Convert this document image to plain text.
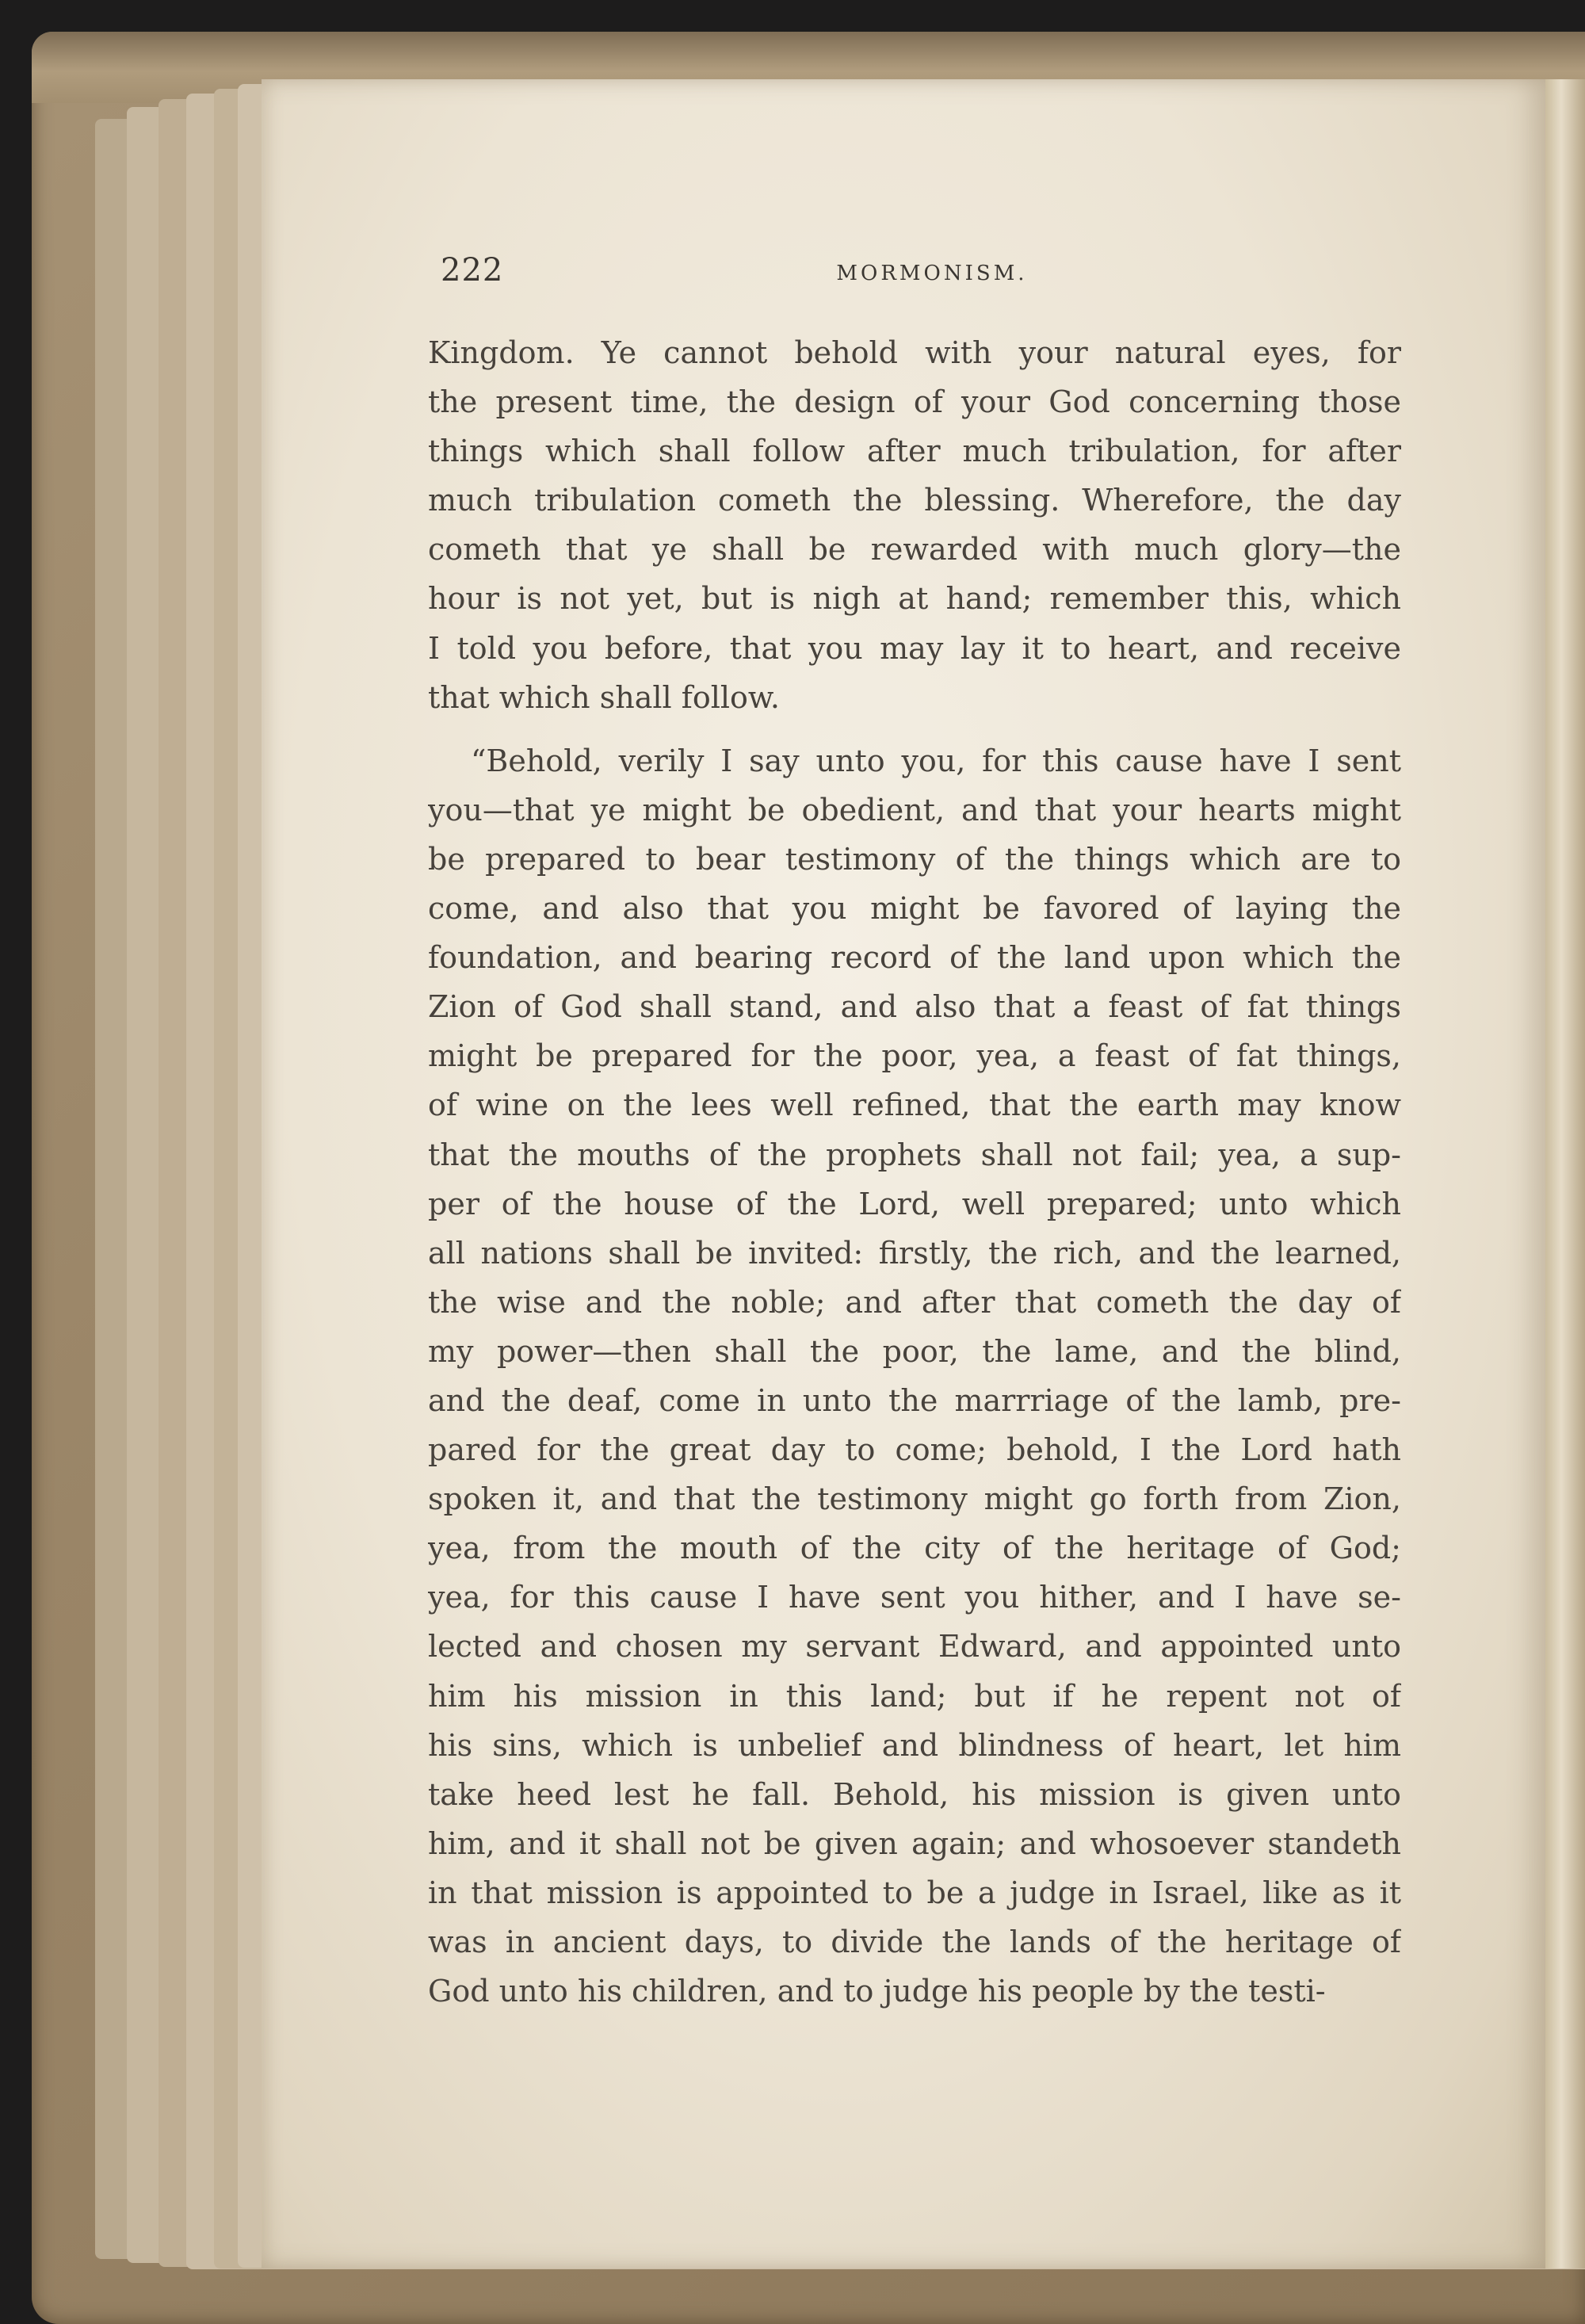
222	MORMONISM.
Kingdom. Ye cannot behold with your natural eyes, for
the present time, the design of your God concerning those
things which shall follow after much tribulation, for after
much tribulation cometh the blessing. Wherefore, the day
cometh that ye shall be rewarded with much glory—the
hour is not yet, but is nigh at hand; remember this, which
I told you before, that you may lay it to heart, and receive
that which shall follow.
“Behold, verily I say unto you, for this cause have I sent
you—that ye might be obedient, and that your hearts might
be prepared to bear testimony of the things which are to
come, and also that you might be favored of laying the
foundation, and bearing record of the land upon which the
Zion of God shall stand, and also that a feast of fat things
might be prepared for the poor, yea, a feast of fat things,
of wine on the lees well refined, that the earth may know
that the mouths of the prophets shall not fail; yea, a sup-
per of the house of the Lord, well prepared; unto which
all nations shall be invited: firstly, the rich, and the learned,
the wise and the noble; and after that cometh the day of
my power—then shall the poor, the lame, and the blind,
and the deaf, come in unto the marrriage of the lamb, pre-
pared for the great day to come; behold, I the Lord hath
spoken it, and that the testimony might go forth from Zion,
yea, from the mouth of the city of the heritage of God;
yea, for this cause I have sent you hither, and I have se-
lected and chosen my servant Edward, and appointed unto
him his mission in this land; but if he repent not of
his sins, which is unbelief and blindness of heart, let him
take heed lest he fall. Behold, his mission is given unto
him, and it shall not be given again; and whosoever standeth
in that mission is appointed to be a judge in Israel, like as it
was in ancient days, to divide the lands of the heritage of
God unto his children, and to judge his people by the testi-
